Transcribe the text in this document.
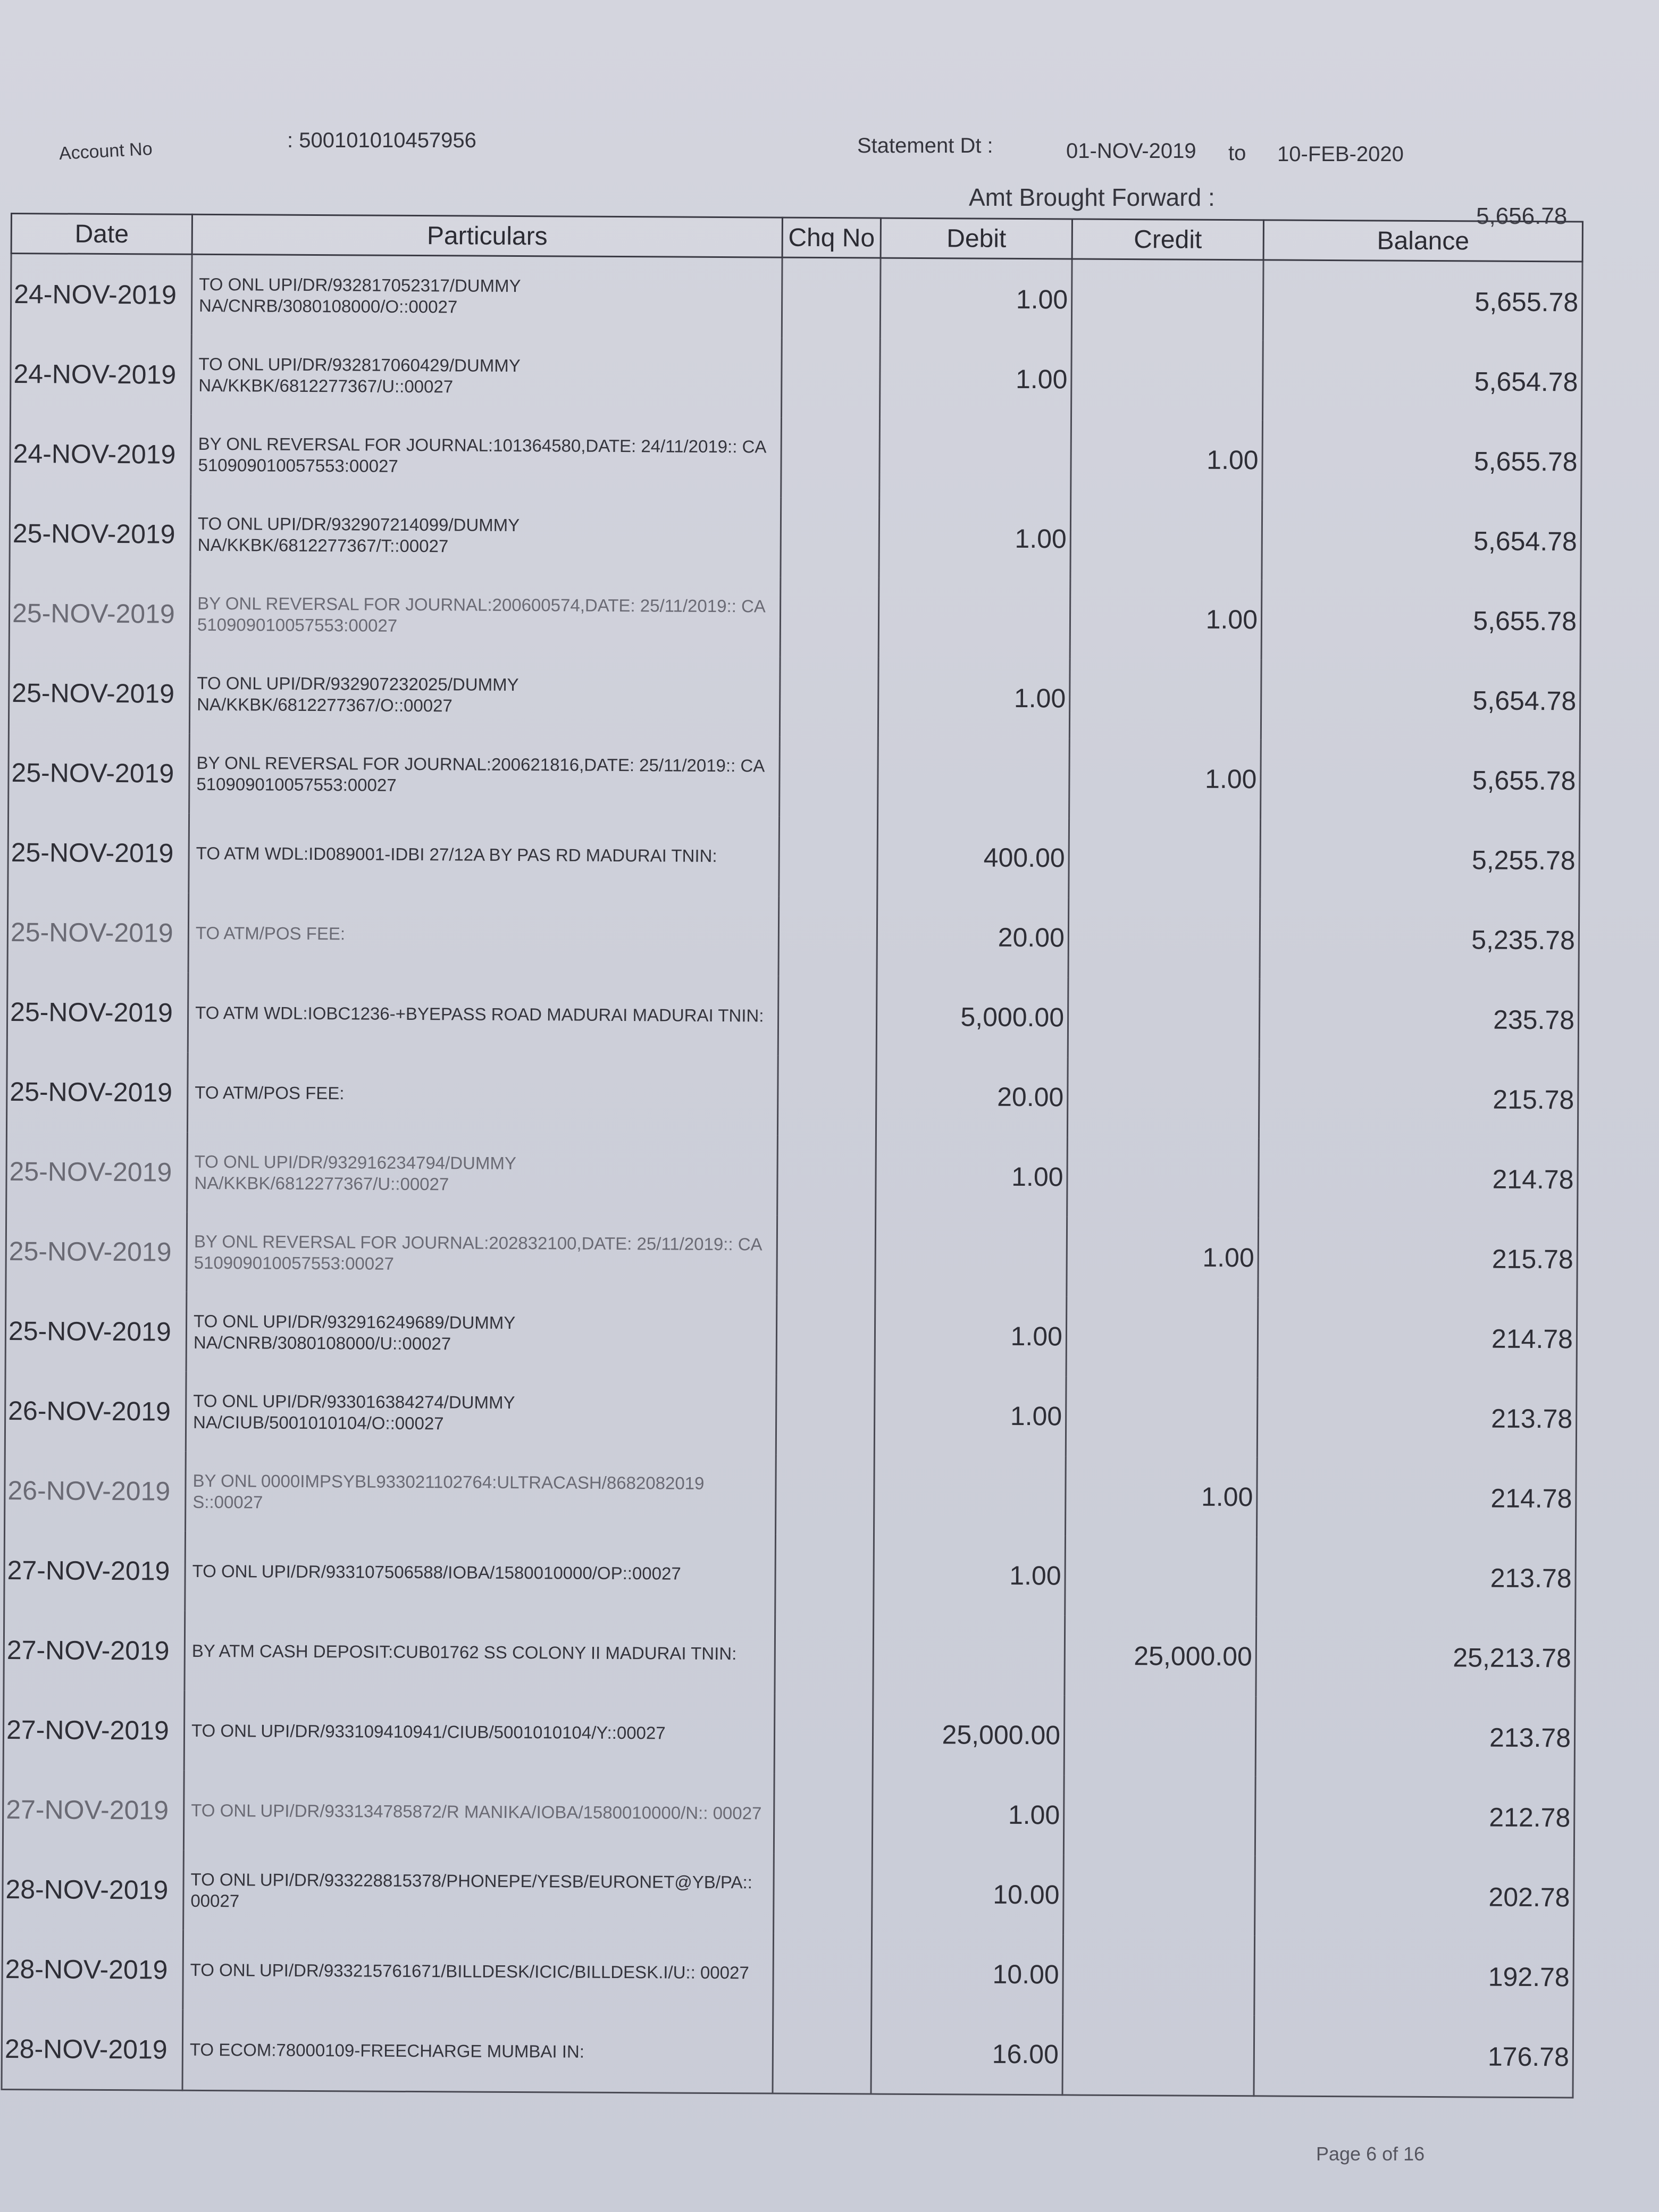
Account No	: 500101010457956	Statement Dt :	01-NOV-2019 to 10-FEB-2020
Amt Brought Forward :
5,656.78
Date	Particulars	Chq No	Debit	Credit	Balance
24-NOV-2019	TO ONL UPI/DR/932817052317/DUMMY NA/CNRB/3080108000/O::00027		1.00		5,655.78
24-NOV-2019	TO ONL UPI/DR/932817060429/DUMMY NA/KKBK/6812277367/U::00027		1.00		5,654.78
24-NOV-2019	BY ONL REVERSAL FOR JOURNAL:101364580,DATE: 24/11/2019:: CA 510909010057553:00027			1.00	5,655.78
25-NOV-2019	TO ONL UPI/DR/932907214099/DUMMY NA/KKBK/6812277367/T::00027		1.00		5,654.78
25-NOV-2019	BY ONL REVERSAL FOR JOURNAL:200600574,DATE: 25/11/2019:: CA 510909010057553:00027			1.00	5,655.78
25-NOV-2019	TO ONL UPI/DR/932907232025/DUMMY NA/KKBK/6812277367/O::00027		1.00		5,654.78
25-NOV-2019	BY ONL REVERSAL FOR JOURNAL:200621816,DATE: 25/11/2019:: CA 510909010057553:00027			1.00	5,655.78
25-NOV-2019	TO ATM WDL:ID089001-IDBI 27/12A BY PAS RD MADURAI TNIN:		400.00		5,255.78
25-NOV-2019	TO ATM/POS FEE:		20.00		5,235.78
25-NOV-2019	TO ATM WDL:IOBC1236-+BYEPASS ROAD MADURAI MADURAI TNIN:		5,000.00		235.78
25-NOV-2019	TO ATM/POS FEE:		20.00		215.78
25-NOV-2019	TO ONL UPI/DR/932916234794/DUMMY NA/KKBK/6812277367/U::00027		1.00		214.78
25-NOV-2019	BY ONL REVERSAL FOR JOURNAL:202832100,DATE: 25/11/2019:: CA 510909010057553:00027			1.00	215.78
25-NOV-2019	TO ONL UPI/DR/932916249689/DUMMY NA/CNRB/3080108000/U::00027		1.00		214.78
26-NOV-2019	TO ONL UPI/DR/933016384274/DUMMY NA/CIUB/5001010104/O::00027		1.00		213.78
26-NOV-2019	BY ONL 0000IMPSYBL933021102764:ULTRACASH/8682082019 S::00027			1.00	214.78
27-NOV-2019	TO ONL UPI/DR/933107506588/IOBA/1580010000/OP::00027		1.00		213.78
27-NOV-2019	BY ATM CASH DEPOSIT:CUB01762 SS COLONY II MADURAI TNIN:			25,000.00	25,213.78
27-NOV-2019	TO ONL UPI/DR/933109410941/CIUB/5001010104/Y::00027		25,000.00		213.78
27-NOV-2019	TO ONL UPI/DR/933134785872/R MANIKA/IOBA/1580010000/N:: 00027		1.00		212.78
28-NOV-2019	TO ONL UPI/DR/933228815378/PHONEPE/YESB/EURONET@YB/PA:: 00027		10.00		202.78
28-NOV-2019	TO ONL UPI/DR/933215761671/BILLDESK/ICIC/BILLDESK.I/U:: 00027		10.00		192.78
28-NOV-2019	TO ECOM:78000109-FREECHARGE MUMBAI IN:		16.00		176.78
Page 6 of 16
